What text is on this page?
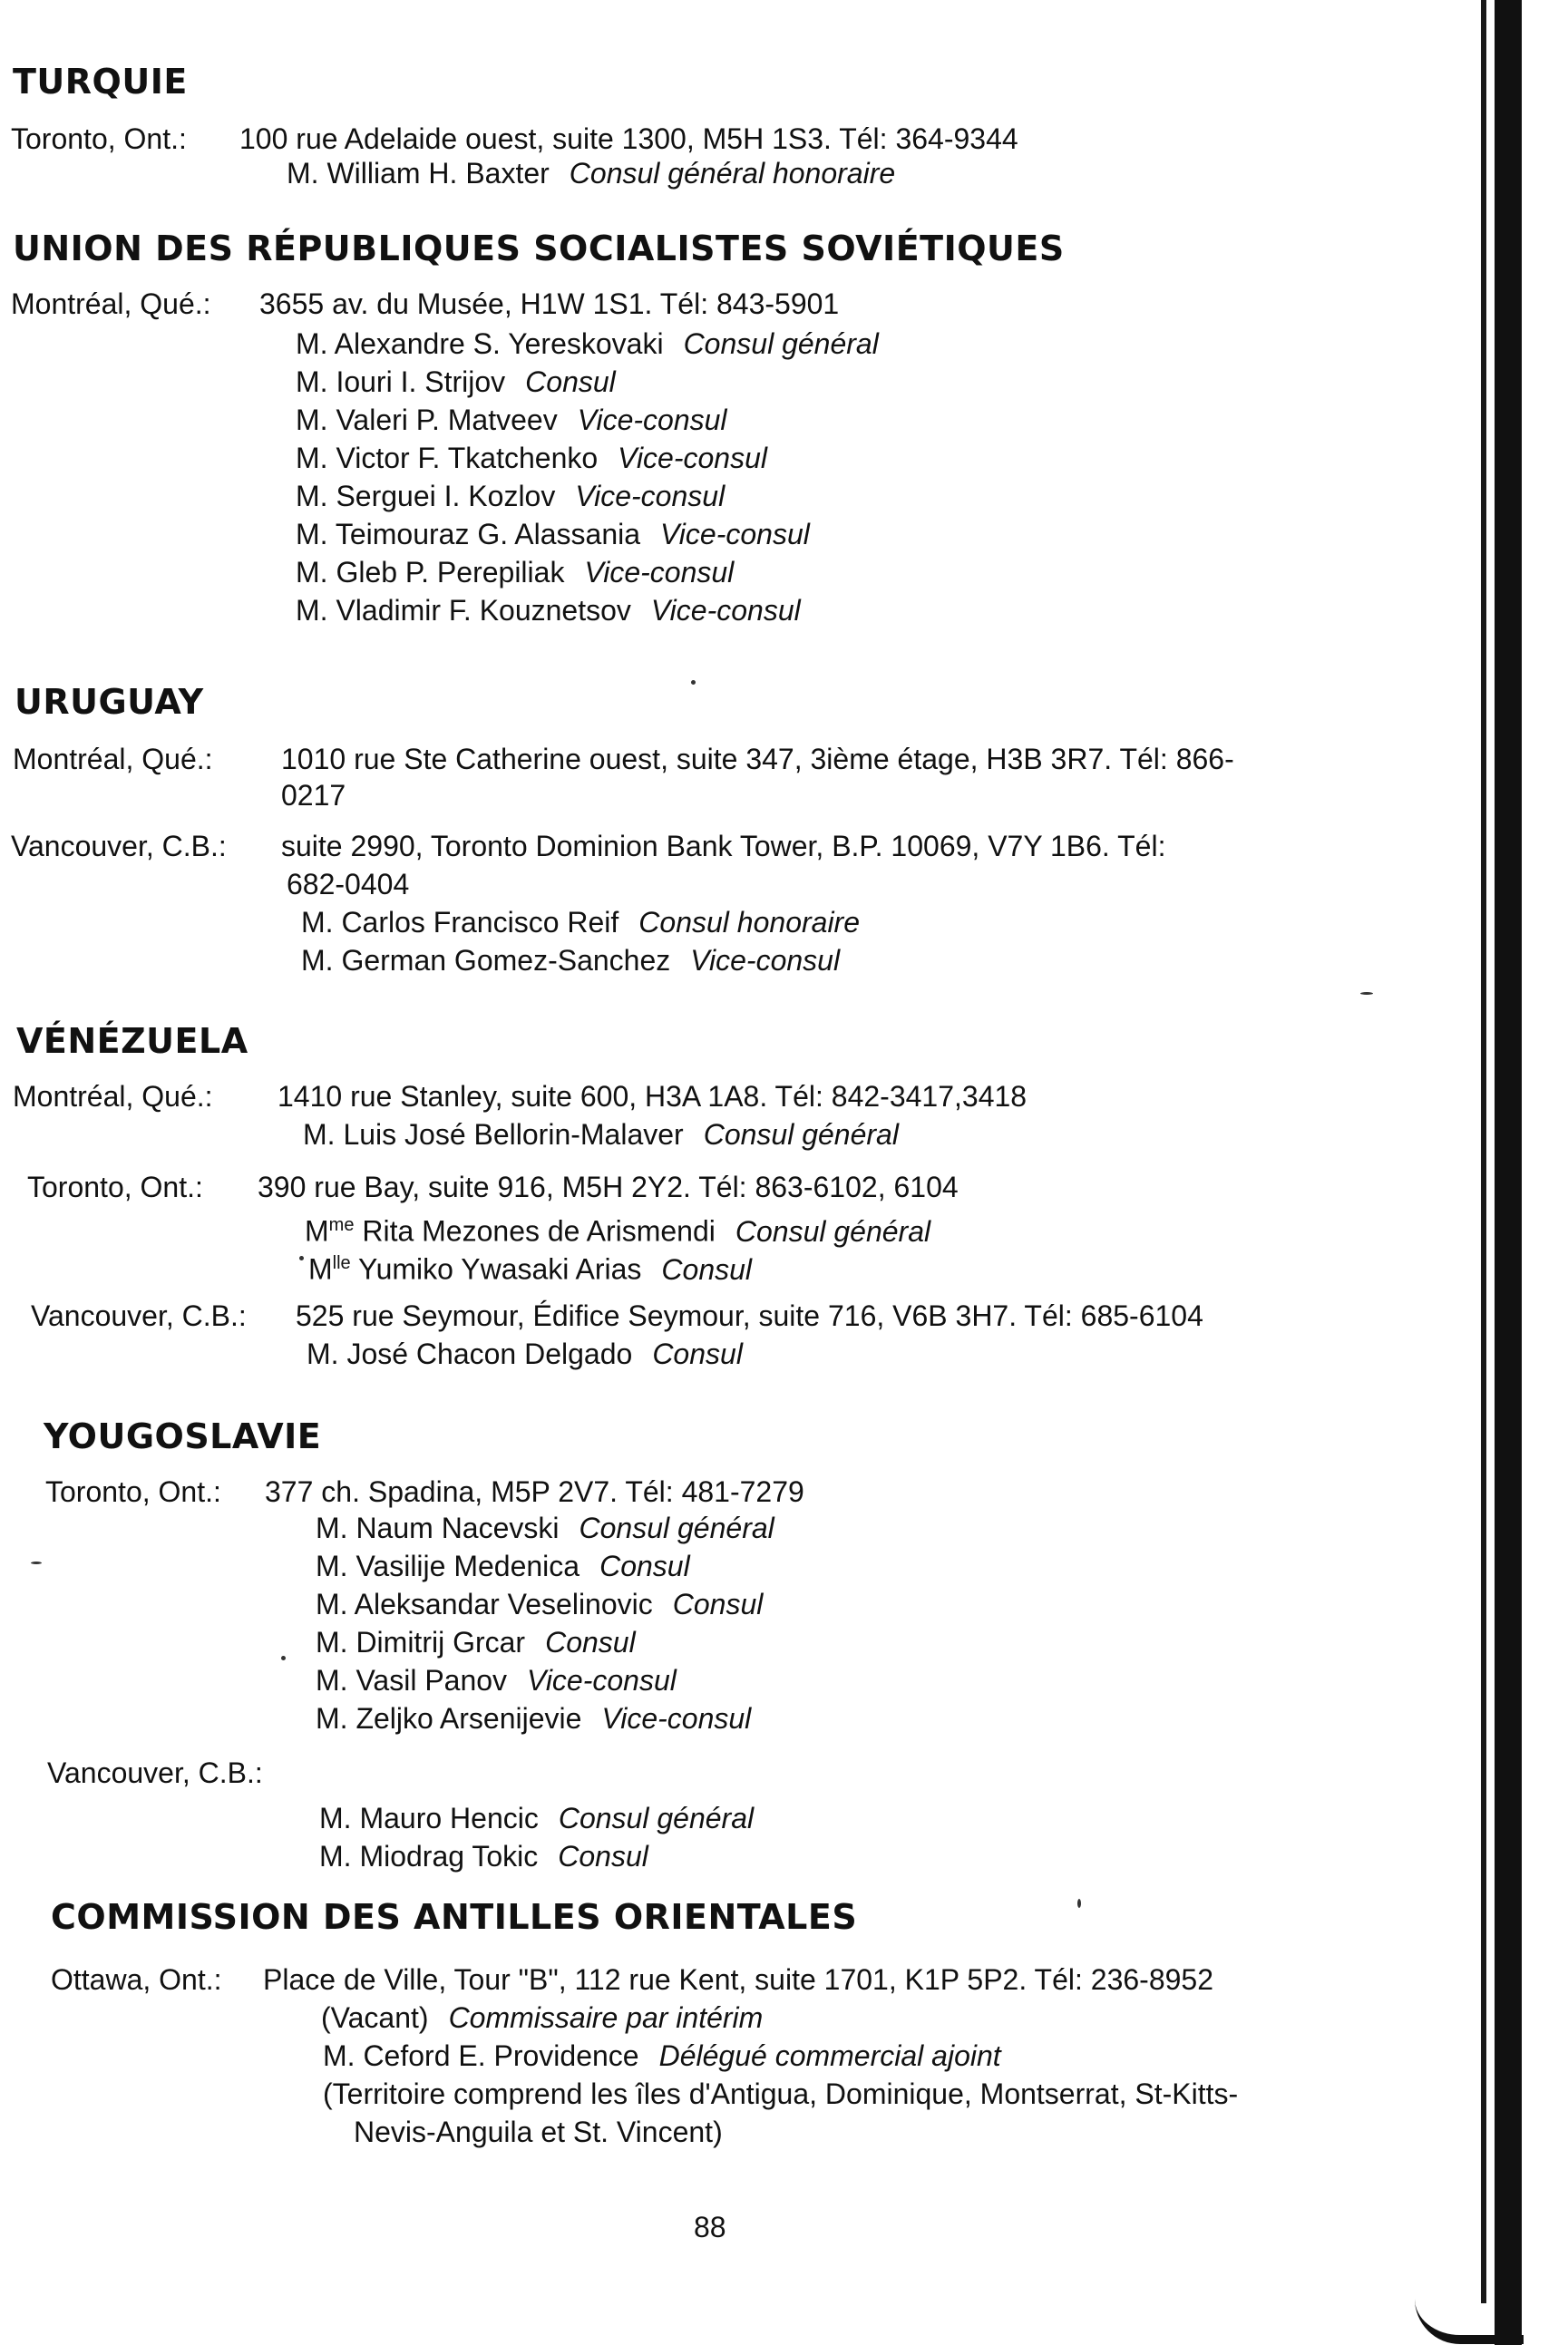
TURQUIE
Toronto, Ont.: 100 rue Adelaide ouest, suite 1300, M5H 1S3. Tél: 364-9344
M. William H. Baxter Consul général honoraire
UNION DES RÉPUBLIQUES SOCIALISTES SOVIÉTIQUES
Montréal, Qué.: 3655 av. du Musée, H1W 1S1. Tél: 843-5901
M. Alexandre S. Yereskovaki Consul général
M. Iouri I. Strijov Consul
M. Valeri P. Matveev Vice-consul
M. Victor F. Tkatchenko Vice-consul
M. Serguei I. Kozlov Vice-consul
M. Teimouraz G. Alassania Vice-consul
M. Gleb P. Perepiliak Vice-consul
M. Vladimir F. Kouznetsov Vice-consul
URUGUAY
Montréal, Qué.: 1010 rue Ste Catherine ouest, suite 347, 3ième étage, H3B 3R7. Tél: 866-
0217
Vancouver, C.B.: suite 2990, Toronto Dominion Bank Tower, B.P. 10069, V7Y 1B6. Tél:
682-0404
M. Carlos Francisco Reif Consul honoraire
M. German Gomez-Sanchez Vice-consul
VÉNÉZUELA
Montréal, Qué.: 1410 rue Stanley, suite 600, H3A 1A8. Tél: 842-3417,3418
M. Luis José Bellorin-Malaver Consul général
Toronto, Ont.: 390 rue Bay, suite 916, M5H 2Y2. Tél: 863-6102, 6104
$M^{me}$ Rita Mezones de Arismendi Consul général
$M^{lle}$ Yumiko Ywasaki Arias Consul
Vancouver, C.B.: 525 rue Seymour, Édifice Seymour, suite 716, V6B 3H7. Tél: 685-6104
M. José Chacon Delgado Consul
YOUGOSLAVIE
Toronto, Ont.: 377 ch. Spadina, M5P 2V7. Tél: 481-7279
M. Naum Nacevski Consul général
M. Vasilije Medenica Consul
M. Aleksandar Veselinovic Consul
M. Dimitrij Grcar Consul
M. Vasil Panov Vice-consul
M. Zeljko Arsenijevie Vice-consul
Vancouver, C.B.:
M. Mauro Hencic Consul général
M. Miodrag Tokic Consul
COMMISSION DES ANTILLES ORIENTALES
Ottawa, Ont.: Place de Ville, Tour "B", 112 rue Kent, suite 1701, K1P 5P2. Tél: 236-8952
(Vacant) Commissaire par intérim
M. Ceford E. Providence Délégué commercial ajoint
(Territoire comprend les îles d'Antigua, Dominique, Montserrat, St-Kitts-
Nevis-Anguila et St. Vincent)
88
